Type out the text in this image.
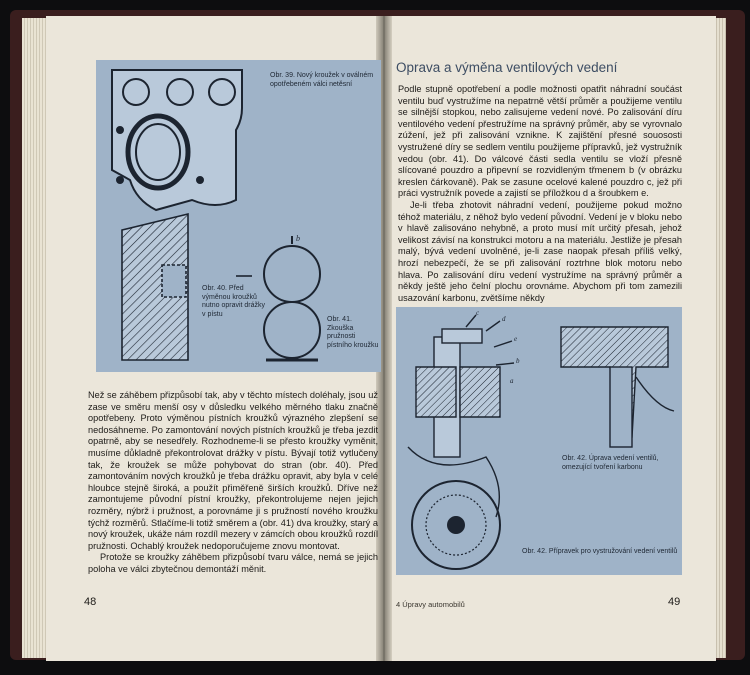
b
Obr. 39. Nový kroužek v oválném opotřebeném válci netěsní
Obr. 40. Před výměnou kroužků nutno opravit drážky v pístu
Obr. 41. Zkouška pružnosti pístního kroužku

Než se záhěbem přizpůsobí tak, aby v těchto místech doléhaly, jsou už zase ve směru menší osy v důsledku velkého měrného tlaku značně opotřebeny. Proto výměnou pístních kroužků výrazného zlepšení se nedosáhneme. Po zamontování nových pístních kroužků je třeba jezdit opatrně, aby se nesedřely. Rozhodneme-li se přesto kroužky vyměnit, musíme důkladně překontrolovat drážky v pístu. Bývají totiž vytlučeny tak, že kroužek se může pohybovat do stran (obr. 40). Před zamontováním nových kroužků je třeba drážku opravit, aby byla v celé hloubce stejně široká, a použít přiměřeně širších kroužků. Dříve než zamontujeme původní pístní kroužky, překontrolujeme nejen jejich rozměry, nýbrž i pružnost, a porovnáme ji s pružností nového kroužku týchž rozměrů. Stlačíme-li totiž směrem a (obr. 41) dva kroužky, starý a nový kroužek, ukáže nám rozdíl mezery v zámcích obou kroužků rozdíl pružnosti. Ochablý kroužek nedoporučujeme znovu montovat.

Protože se kroužky záhěbem přizpůsobí tvaru válce, nemá se jejich poloha ve válci zbytečnou demontáží měnit.

48
Oprava a výměna ventilových vedení

Podle stupně opotřebení a podle možnosti opatřit náhradní součást ventilu buď vystružíme na nepatrně větší průměr a použijeme ventilu se silnější stopkou, nebo zalisujeme vedení nové. Po zalisování díru ventilového vedení přestružíme na správný průměr, aby se vyrovnalo zúžení, jež při zalisování vznikne. K zajištění přesné souososti vystružené díry se sedlem ventilu použijeme přípravků, jež vystružník vedou (obr. 41). Do válcové části sedla ventilu se vloží přesně slícované pouzdro a připevní se rozvidleným třmenem b (v obrázku kreslen čárkovaně). Pak se zasune ocelové kalené pouzdro c, jež při práci vystružník povede a zajistí se příložkou d a šroubkem e.

Je-li třeba zhotovit náhradní vedení, použijeme pokud možno téhož materiálu, z něhož bylo vedení původní. Vedení je v bloku nebo v hlavě zalisováno nehybně, a proto musí mít určitý přesah, jehož velikost závisí na konstrukci motoru a na materiálu. Jestliže je přesah malý, bývá vedení uvolněné, je-li zase naopak přesah příliš velký, hrozí nebezpečí, že se při zalisování roztrhne blok motoru nebo hlava. Po zalisování díru vedení vystružíme na správný průměr a někdy ještě jeho čelní plochu orovnáme. Abychom při tom zamezili usazování karbonu, zvětšíme někdy

c
d
e
b
a
Obr. 42. Úprava vedení ventilů, omezující tvoření karbonu
Obr. 42. Přípravek pro vystružování vedení ventilů
4 Úpravy automobilů	49
